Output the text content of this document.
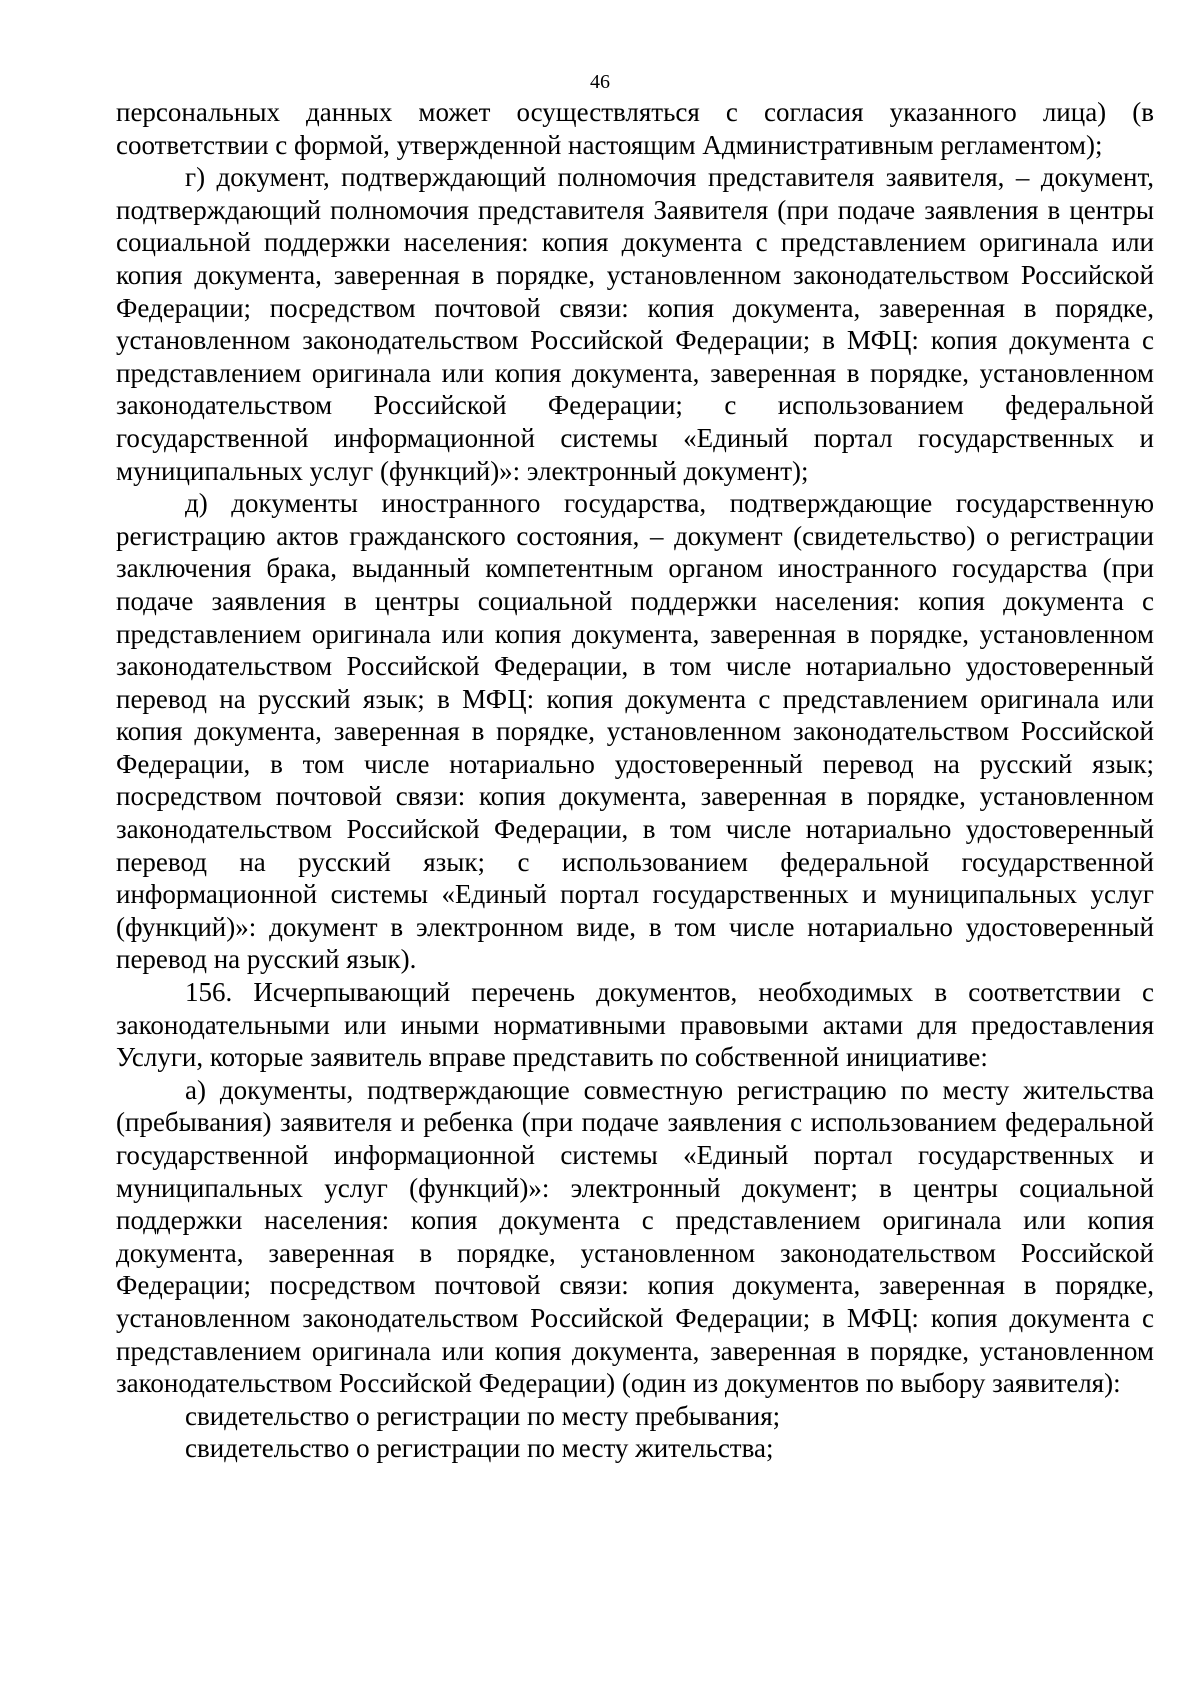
46

персональных данных может осуществляться с согласия указанного лица) (в соответствии с формой, утвержденной настоящим Административным регламентом);

г) документ, подтверждающий полномочия представителя заявителя, – документ, подтверждающий полномочия представителя Заявителя (при подаче заявления в центры социальной поддержки населения: копия документа с представлением оригинала или копия документа, заверенная в порядке, установленном законодательством Российской Федерации; посредством почтовой связи: копия документа, заверенная в порядке, установленном законодательством Российской Федерации; в МФЦ: копия документа с представлением оригинала или копия документа, заверенная в порядке, установленном законодательством Российской Федерации; с использованием федеральной государственной информационной системы «Единый портал государственных и муниципальных услуг (функций)»: электронный документ);

д) документы иностранного государства, подтверждающие государственную регистрацию актов гражданского состояния, – документ (свидетельство) о регистрации заключения брака, выданный компетентным органом иностранного государства (при подаче заявления в центры социальной поддержки населения: копия документа с представлением оригинала или копия документа, заверенная в порядке, установленном законодательством Российской Федерации, в том числе нотариально удостоверенный перевод на русский язык; в МФЦ: копия документа с представлением оригинала или копия документа, заверенная в порядке, установленном законодательством Российской Федерации, в том числе нотариально удостоверенный перевод на русский язык; посредством почтовой связи: копия документа, заверенная в порядке, установленном законодательством Российской Федерации, в том числе нотариально удостоверенный перевод на русский язык; с использованием федеральной государственной информационной системы «Единый портал государственных и муниципальных услуг (функций)»: документ в электронном виде, в том числе нотариально удостоверенный перевод на русский язык).

156. Исчерпывающий перечень документов, необходимых в соответствии с законодательными или иными нормативными правовыми актами для предоставления Услуги, которые заявитель вправе представить по собственной инициативе:

а) документы, подтверждающие совместную регистрацию по месту жительства (пребывания) заявителя и ребенка (при подаче заявления с использованием федеральной государственной информационной системы «Единый портал государственных и муниципальных услуг (функций)»: электронный документ; в центры социальной поддержки населения: копия документа с представлением оригинала или копия документа, заверенная в порядке, установленном законодательством Российской Федерации; посредством почтовой связи: копия документа, заверенная в порядке, установленном законодательством Российской Федерации; в МФЦ: копия документа с представлением оригинала или копия документа, заверенная в порядке, установленном законодательством Российской Федерации) (один из документов по выбору заявителя):

свидетельство о регистрации по месту пребывания;

свидетельство о регистрации по месту жительства;
